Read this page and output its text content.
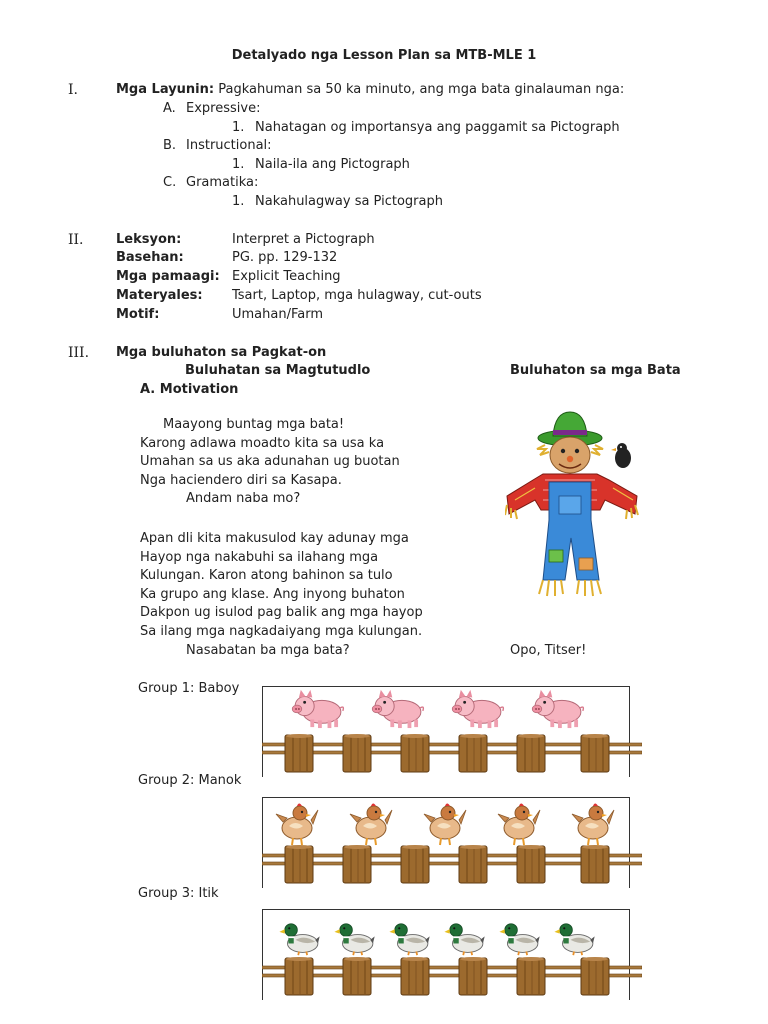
Detalyado nga Lesson Plan sa MTB-MLE 1
I.	Mga Layunin: Pagkahuman sa 50 ka minuto, ang mga bata ginalauman nga:
A. Expressive:
1. Nahatagan og importansya ang paggamit sa Pictograph
B. Instructional:
1. Naila-ila ang Pictograph
C. Gramatika:
1. Nakahulagway sa Pictograph
II. Leksyon:	Interpret a Pictograph
Basehan:	PG. pp. 129-132
Mga pamaagi: Explicit Teaching
Materyales: Tsart, Laptop, mga hulagway, cut-outs
Motif:	Umahan/Farm
III. Mga buluhaton sa Pagkat-on
Buluhatan sa Magtutudlo	Buluhaton sa mga Bata
A. Motivation
Maayong buntag mga bata!
Karong adlawa moadto kita sa usa ka
Umahan sa us aka adunahan ug buotan
Nga haciendero diri sa Kasapa.
Andam naba mo?
Apan dli kita makusulod kay adunay mga
Hayop nga nakabuhi sa ilahang mga
Kulungan. Karon atong bahinon sa tulo
Ka grupo ang klase. Ang inyong buhaton
Dakpon ug isulod pag balik ang mga hayop
Sa ilang mga nagkadaiyang mga kulungan.
Nasabatan ba mga bata?	Opo, Titser!
Group 1: Baboy
Group 2: Manok
Group 3: Itik
